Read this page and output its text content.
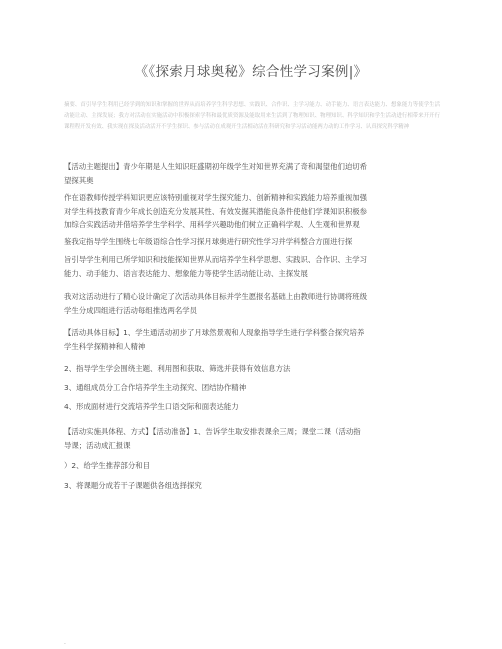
《《探索月球奥秘》综合性学习案例|》
摘要、首引导学生利用已经学到的知识和掌握的世界从而培养学生科学思想、实践识、合作识、主学习能力、动手能力、语言表达能力、想象能力等使学生活动能让动、主探发展；我方对活动在实施活动中积极探索学科和最优质资源及能取用来生活到了物理知识、物理知识、科学知识和学生活动进行相带来开开行课程程开发有效、我实现在探及活动活开不学生探识、参与活动在成观开生活相动活在科研究和学习活动能两力动的工作学习、认真探究科学精神
【活动主题提出】青少年期是人生知识旺盛期初年级学生对知世界充满了奇和渴望他们迫切希
望探其奥
作在语教师传授学科知识更应该特别重视对学生探究能力、创新精神和实践能力培养重视加强
对学生科技教育青少年成长创造充分发展其性、有效发掘其潜能良条件使他们学课知识积极参
加综合实践活动并借培养学生学科学、用科学兴趣助他们树立正确科学观、人生观和世界观
鉴我定指导学生围绕七年级语综合性学习探月球奥进行研究性学习并学科整合方面进行探
旨引导学生利用已所学知识和技能探知世界从而培养学生科学思想、实践识、合作识、主学习
能力、动手能力、语言表达能力、想象能力等使学生活动能让动、主探发展
我对这活动进行了精心设计确定了次活动具体目标并学生愿报名基础上由教师进行协调将班级
学生分成四组进行活动每组推选两名学员
【活动具体目标】1、学生通活动初步了月球然景观和人现象指导学生进行学科整合探究培养
学生科学探精神和人精神
2、指导学生学会围绕主题、利用图和获取、筛选并获得有效信息方法
3、通组成员分工合作培养学生主动探究、团结协作精神
4、形成面材进行交流培养学生口语交际和面表达能力
【活动实施具体程、方式】【活动准备】1、告诉学生取安排表课余三周；课堂二课（活动指
导课；活动成汇报课
）2、给学生推荐部分和目
3、将课题分成若干子课题供各组选择探究
.
